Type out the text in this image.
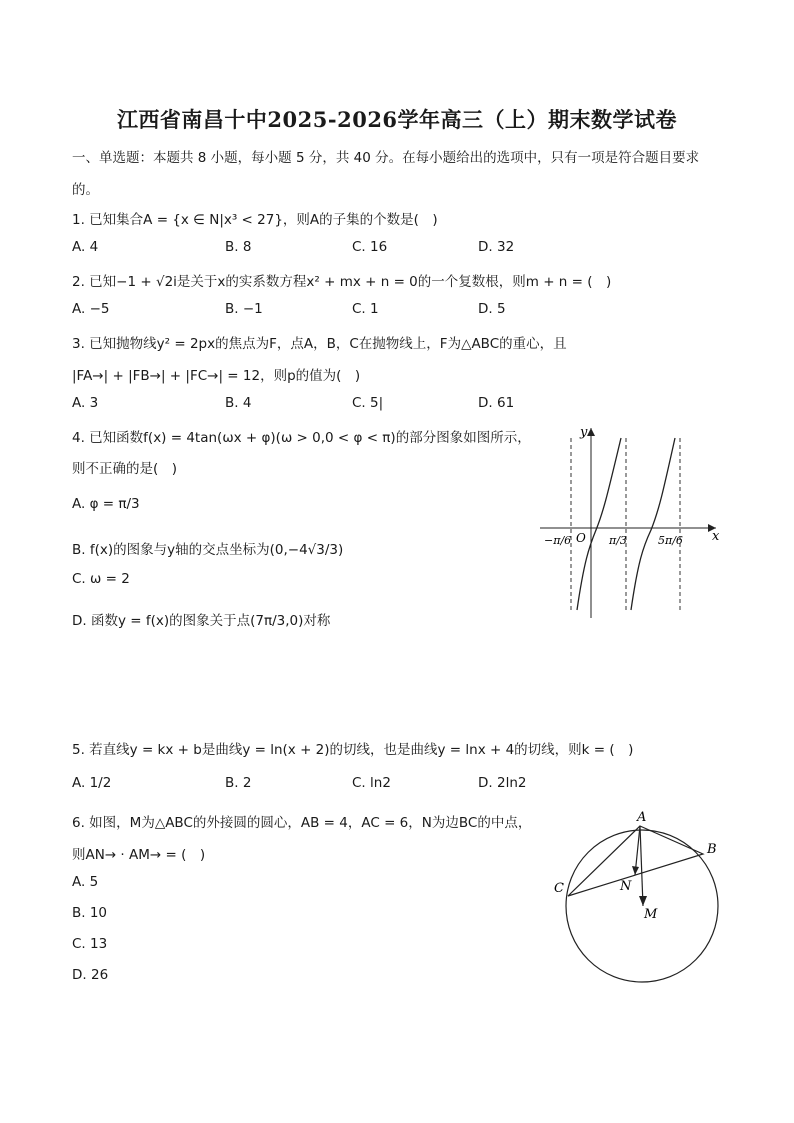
江西省南昌十中2025-2026学年高三（上）期末数学试卷
一、单选题：本题共 8 小题，每小题 5 分，共 40 分。在每小题给出的选项中，只有一项是符合题目要求
的。
1. 已知集合A = {x ∈ N|x³ < 27}，则A的子集的个数是(　)
A. 4	B. 8	C. 16	D. 32
2. 已知−1 + √2i是关于x的实系数方程x² + mx + n = 0的一个复数根，则m + n = (　)
A. −5	B. −1	C. 1	D. 5
3. 已知抛物线y² = 2px的焦点为F，点A，B，C在抛物线上，F为△ABC的重心，且
|FA→| + |FB→| + |FC→| = 12，则p的值为(　)
A. 3	B. 4	C. 5|	D. 61
4. 已知函数f(x) = 4tan(ωx + φ)(ω > 0,0 < φ < π)的部分图象如图所示，
则不正确的是(　)
A. φ = π/3
B. f(x)的图象与y轴的交点坐标为(0,−4√3/3)
C. ω = 2
D. 函数y = f(x)的图象关于点(7π/3,0)对称
y
x
O
−π/6	π/3	5π/6
5. 若直线y = kx + b是曲线y = ln(x + 2)的切线，也是曲线y = lnx + 4的切线，则k = (　)
A. 1/2	B. 2	C. ln2	D. 2ln2
6. 如图，M为△ABC的外接圆的圆心，AB = 4，AC = 6，N为边BC的中点，
则AN→ · AM→ = (　)
A. 5
B. 10
C. 13
D. 26
A
B
C	N
M
